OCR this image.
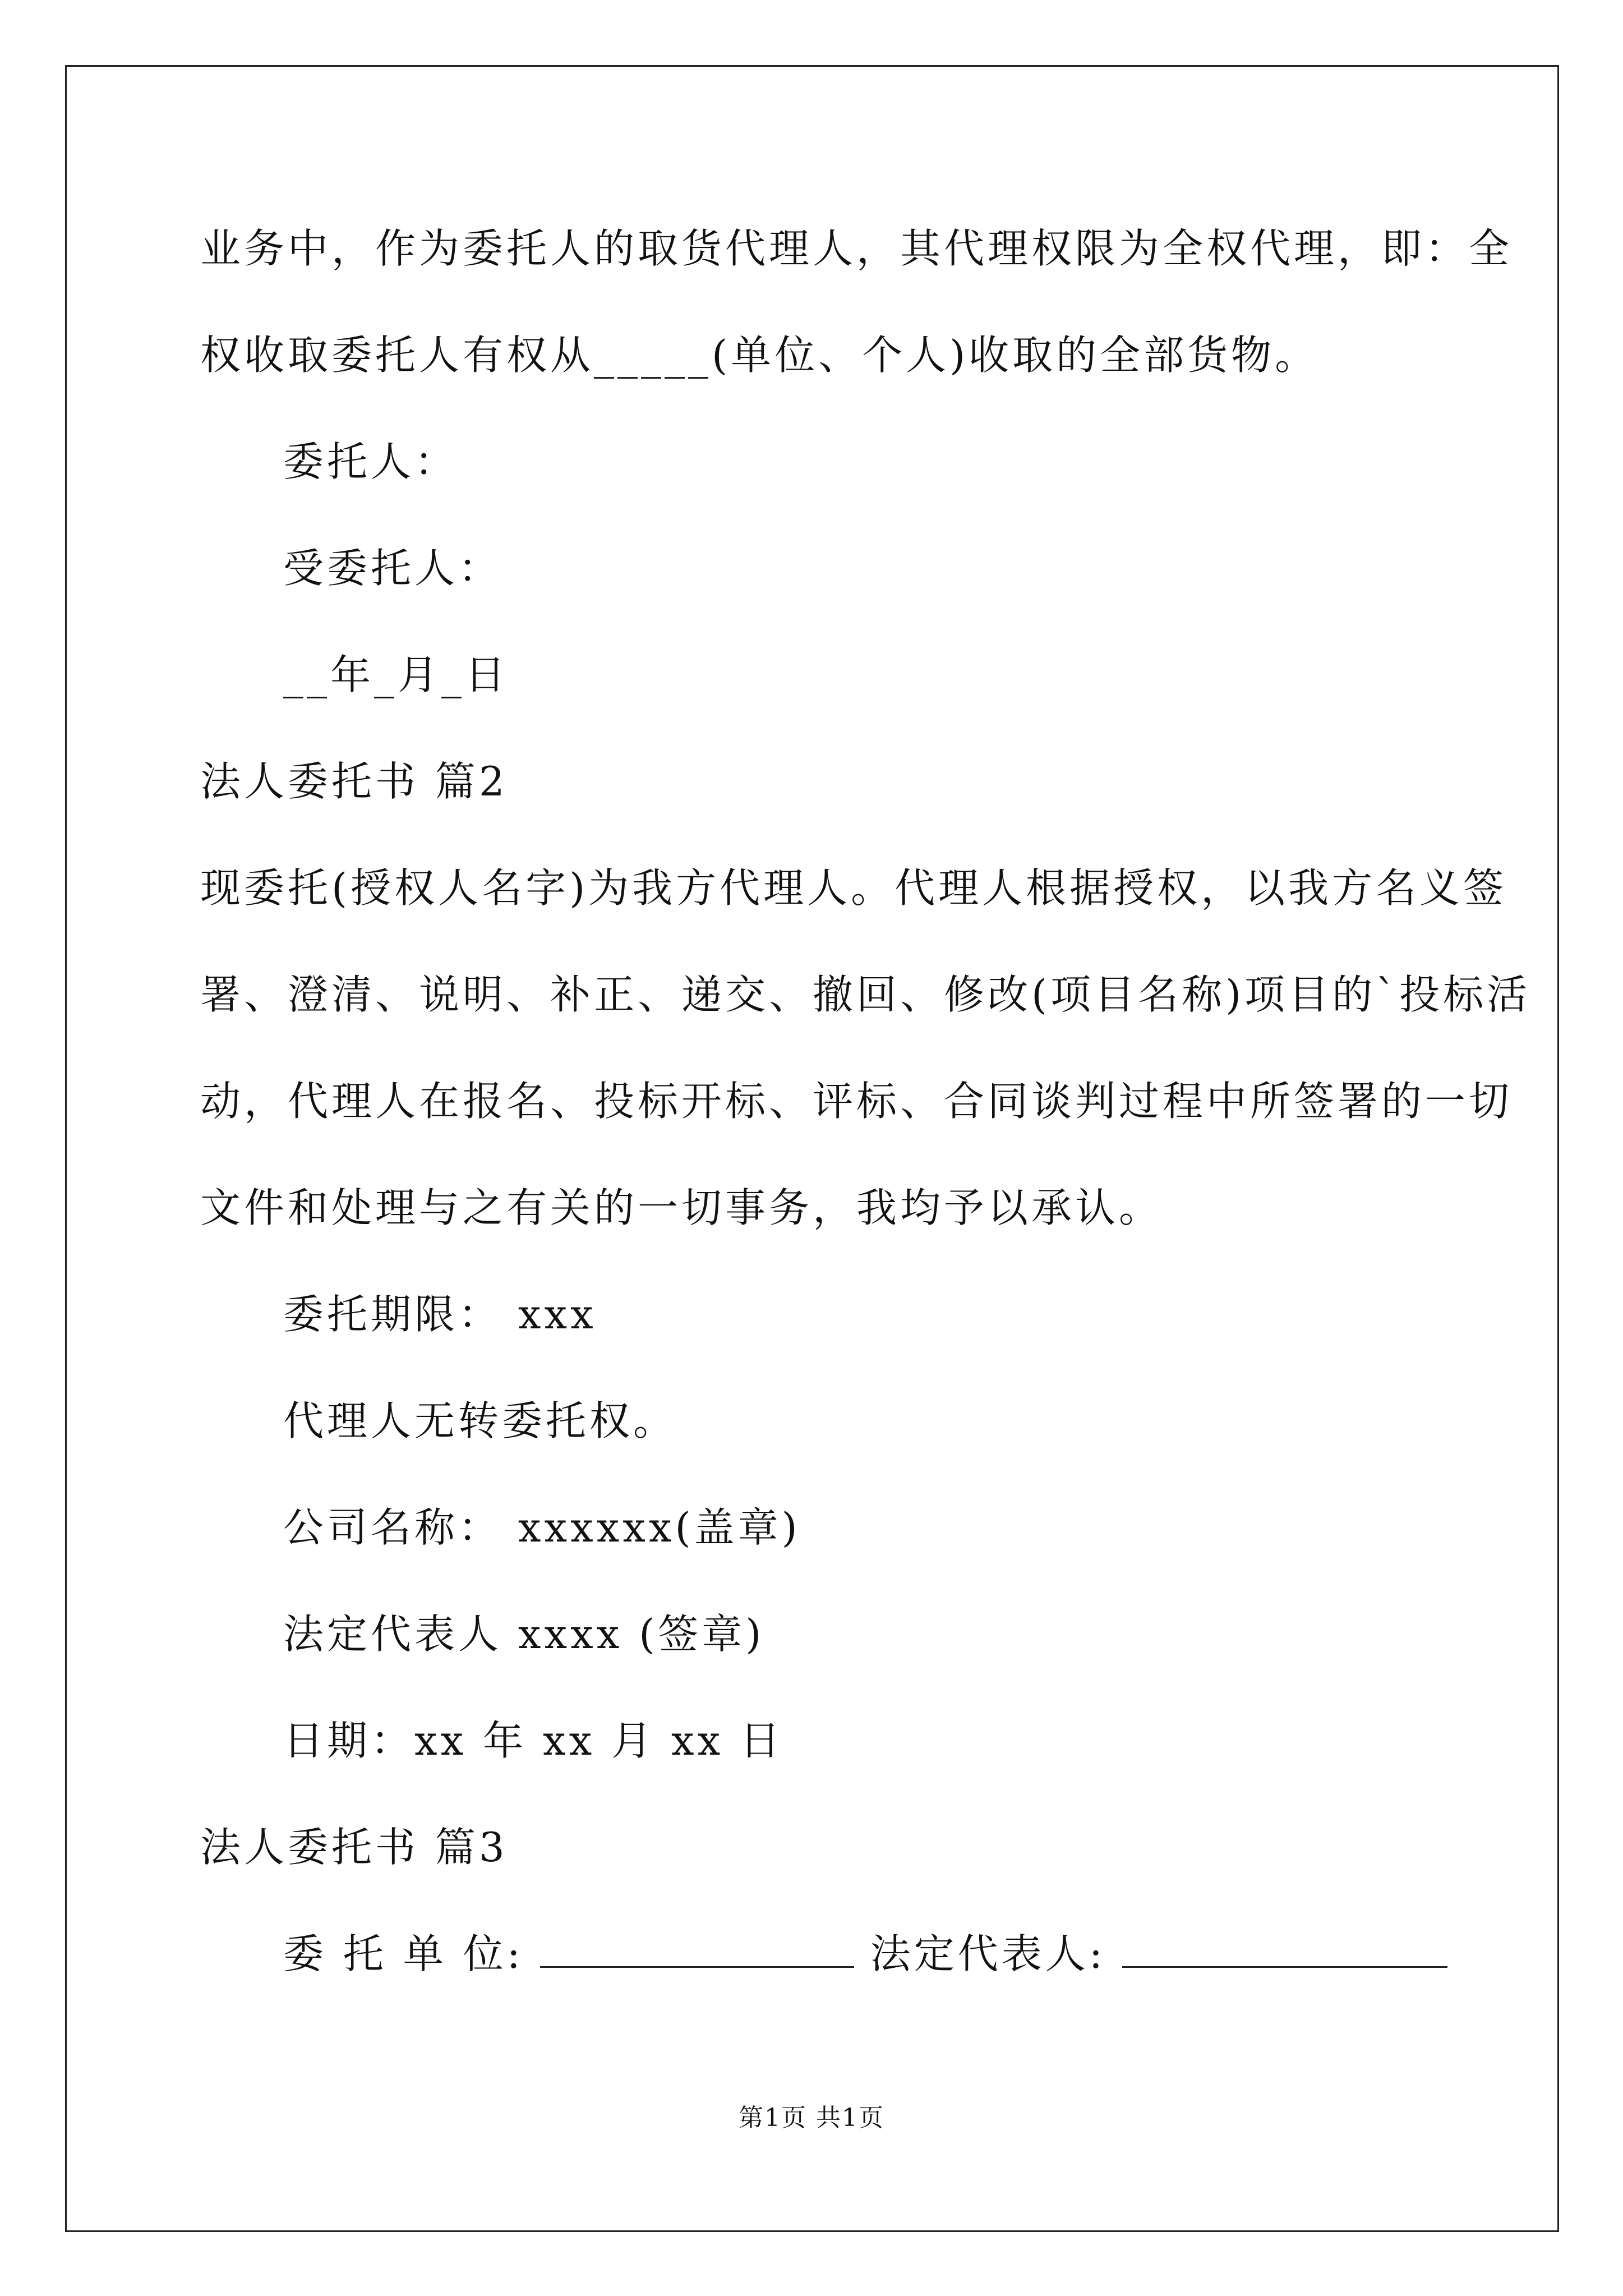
业务中，作为委托人的取货代理人，其代理权限为全权代理，即：全
权收取委托人有权从_____(单位、个人)收取的全部货物。
委托人：
受委托人：
__年_月_日
法人委托书 篇2
现委托(授权人名字)为我方代理人。代理人根据授权，以我方名义签
署、澄清、说明、补正、递交、撤回、修改(项目名称)项目的`投标活
动，代理人在报名、投标开标、评标、合同谈判过程中所签署的一切
文件和处理与之有关的一切事务，我均予以承认。
委托期限： xxx
代理人无转委托权。
公司名称： xxxxxx(盖章)
法定代表人 xxxx (签章)
日期：xx 年 xx 月 xx 日
法人委托书 篇3
委 托 单 位:	法定代表人:
第1页 共1页
